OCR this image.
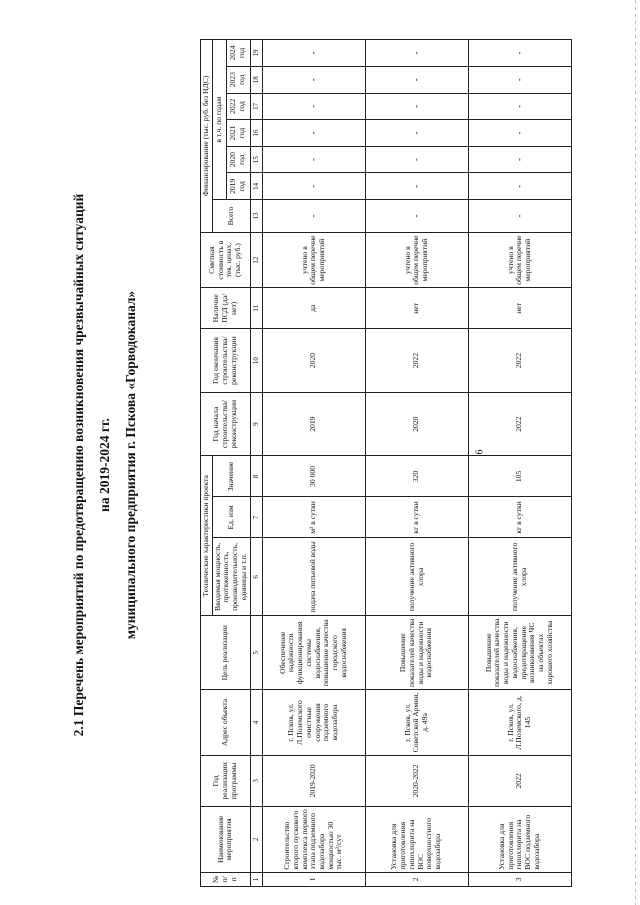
6
2.1 Перечень мероприятий по предотвращению возникновения чрезвычайных ситуаций на 2019-2024 гг. муниципального предприятия г. Пскова «Горводоканал»
№ п/п	Наименование мероприятия	Год реализации программы	Адрес объекта	Цель реализации	Технические характеристики проекта			Год начала строительства/ реконструкции	Год окончания строительства/ реконструкции	Наличие ПСД (да/нет)	Сметная стоимость в тек. ценах, (тыс. руб.)	Финансирование (тыс. руб. без НДС)						
					Вводимая мощность, протяженность, производительность, единицы и т.п.	Ед. изм	Значение					Всего	в т.ч. по годам					
													2019 год	2020 год	2021 год	2022 год	2023 год	2024 год
1	2	3	4	5	6	7	8	9	10	11	12	13	14	15	16	17	18	19
1	Строительство второго пускового комплекса первого этапа подземного водозабора мощностью 30 тыс. м³/сут	2019-2020	г. Псков, ул. Л.Поземского очистные сооружения подземного водозабора	Обеспечение надёжности функционирования системы водоснабжения, повышение качества городского водоснабжения	подача питьевой воды	м³ в сутки	30 000	2019	2020	да	учтено в общем перечне мероприятий	-	-	-	-	-	-	-
2	Установка для приготовления гипохлорита на ВОС поверхностного водозабора	2020-2022	г. Псков, ул. Советской Армии, д. 49а	Повышение показателей качества воды и надежности водоснабжения	получение активного хлора	кг в сутки	320	2020	2022	нет	учтено в общем перечне мероприятий	-	-	-	-	-	-	-
3	Установка для приготовления гипохлорита на ВОС подземного водозабора	2022	г. Псков, ул. Л.Поземского, д. 145	Повышение показателей качества воды и надежности водоснабжения, предотвращение возникновения ЧС на объектах хорошего хозяйства	получение активного хлора	кг в сутки	105	2022	2022	нет	учтено в общем перечне мероприятий	-	-	-	-	-	-	-
